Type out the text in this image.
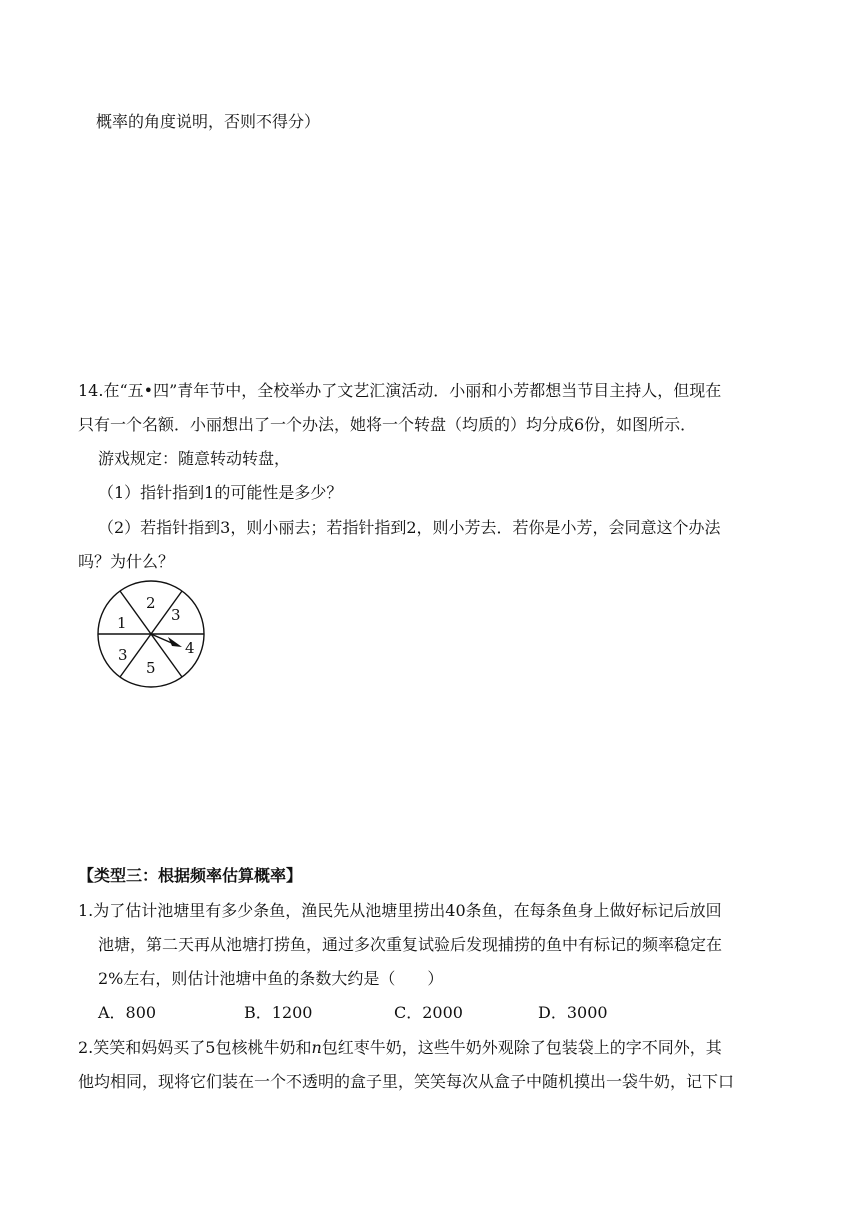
概率的角度说明，否则不得分）
14.在“五•四”青年节中，全校举办了文艺汇演活动．小丽和小芳都想当节目主持人，但现在
只有一个名额．小丽想出了一个办法，她将一个转盘（均质的）均分成6份，如图所示．
游戏规定：随意转动转盘，
（1）指针指到1的可能性是多少？
（2）若指针指到3，则小丽去；若指针指到2，则小芳去．若你是小芳，会同意这个办法
吗？为什么？
2
3
1
4
3
5
【类型三：根据频率估算概率】
1.为了估计池塘里有多少条鱼，渔民先从池塘里捞出40条鱼，在每条鱼身上做好标记后放回
池塘，第二天再从池塘打捞鱼，通过多次重复试验后发现捕捞的鱼中有标记的频率稳定在
2%左右，则估计池塘中鱼的条数大约是（　　）
A．800	B．1200	C．2000	D．3000
2.笑笑和妈妈买了5包核桃牛奶和n包红枣牛奶，这些牛奶外观除了包装袋上的字不同外，其
他均相同，现将它们装在一个不透明的盒子里，笑笑每次从盒子中随机摸出一袋牛奶，记下口
